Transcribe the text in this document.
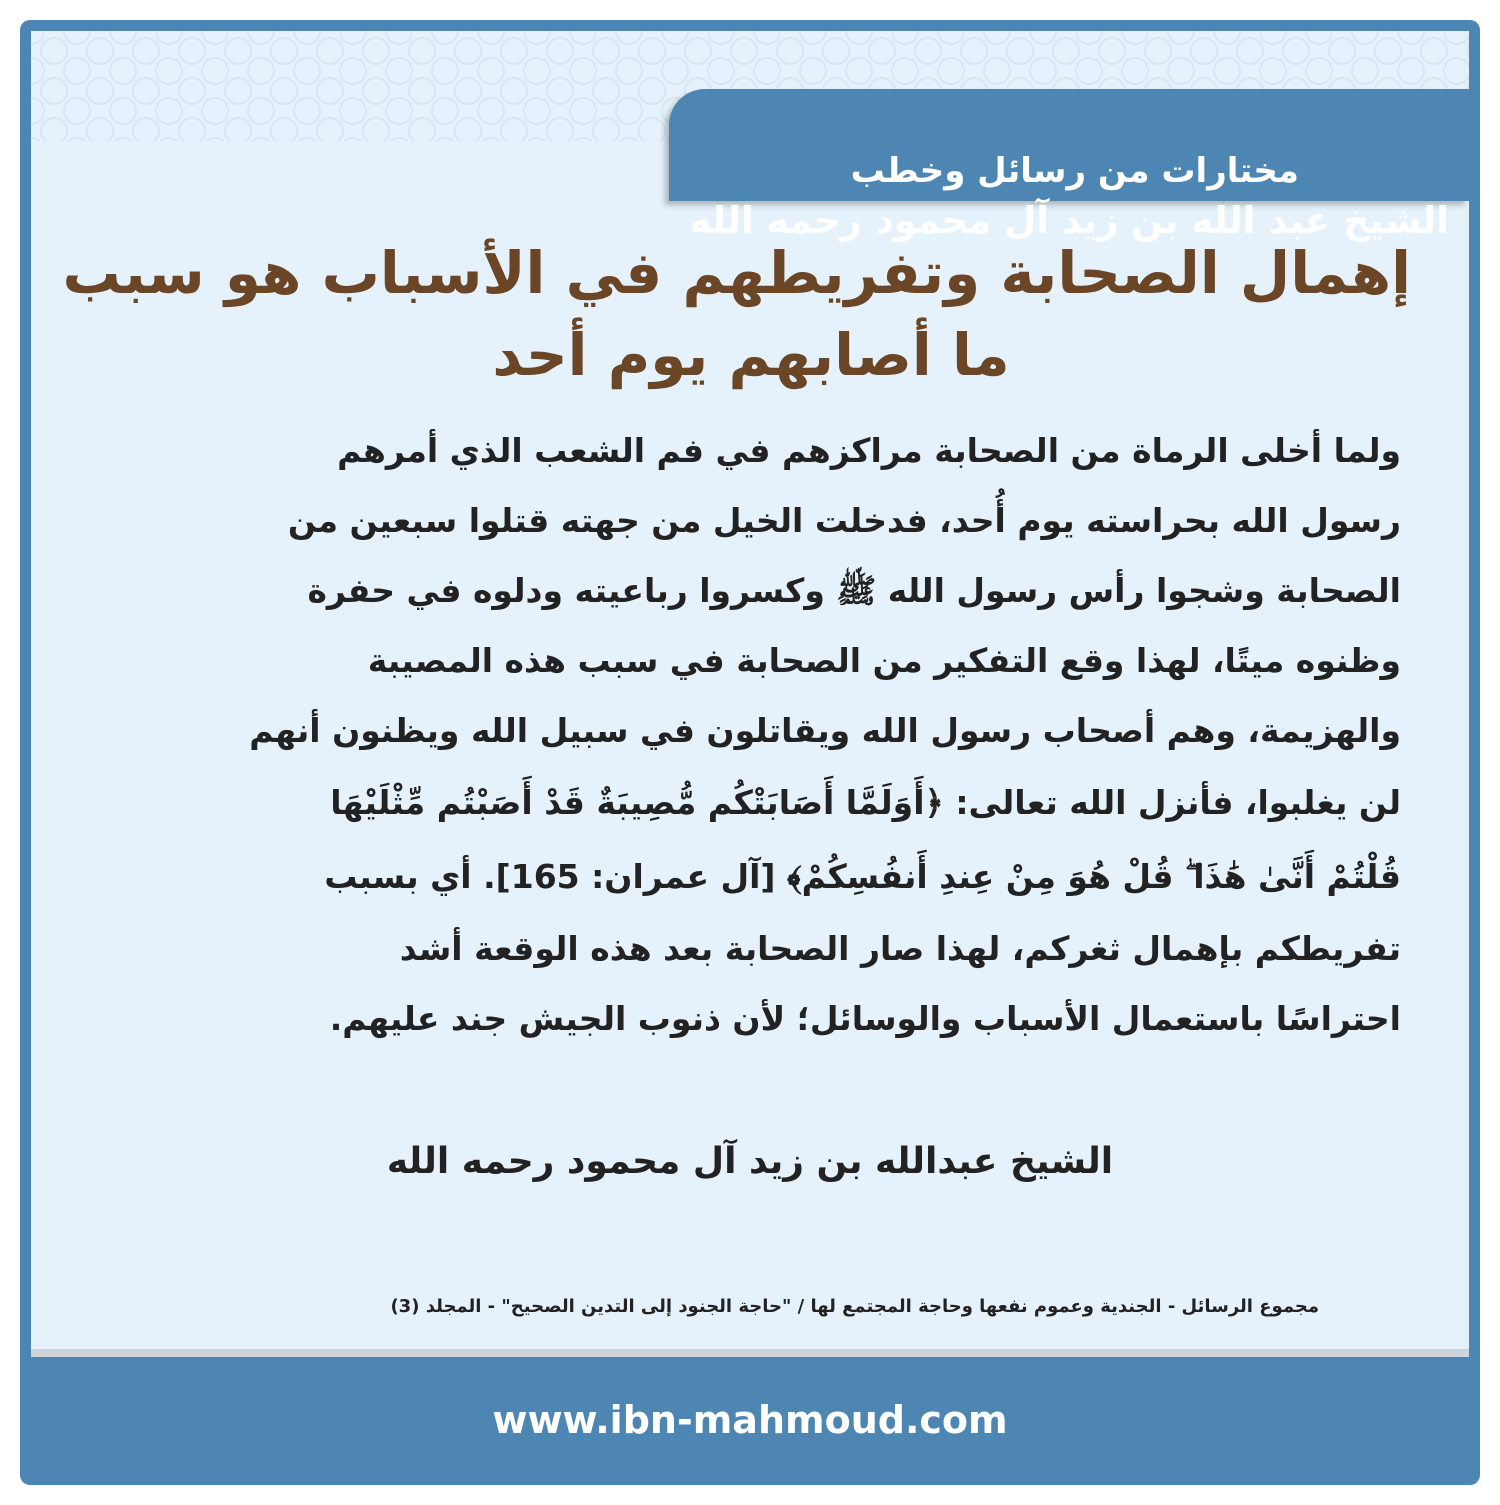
www.ibn-mahmoud.com
مختارات من رسائل وخطب
الشيخ عبد الله بن زيد آل محمود رحمه الله
إهمال الصحابة وتفريطهم في الأسباب هو سبب
ما أصابهم يوم أحد
ولما أخلى الرماة من الصحابة مراكزهم في فم الشعب الذي أمرهم
رسول الله بحراسته يوم أُحد، فدخلت الخيل من جهته قتلوا سبعين من
الصحابة وشجوا رأس رسول الله ﷺ وكسروا رباعيته ودلوه في حفرة
وظنوه ميتًا، لهذا وقع التفكير من الصحابة في سبب هذه المصيبة
والهزيمة، وهم أصحاب رسول الله ويقاتلون في سبيل الله ويظنون أنهم
لن يغلبوا، فأنزل الله تعالى: ﴿أَوَلَمَّا أَصَابَتْكُم مُّصِيبَةٌ قَدْ أَصَبْتُم مِّثْلَيْهَا
قُلْتُمْ أَنَّىٰ هَٰذَا ۖ قُلْ هُوَ مِنْ عِندِ أَنفُسِكُمْ﴾ [آل عمران: 165]. أي بسبب
تفريطكم بإهمال ثغركم، لهذا صار الصحابة بعد هذه الوقعة أشد
احتراسًا باستعمال الأسباب والوسائل؛ لأن ذنوب الجيش جند عليهم.
الشيخ عبدالله بن زيد آل محمود رحمه الله
مجموع الرسائل - الجندية وعموم نفعها وحاجة المجتمع لها / "حاجة الجنود إلى التدين الصحيح" - المجلد (3)
